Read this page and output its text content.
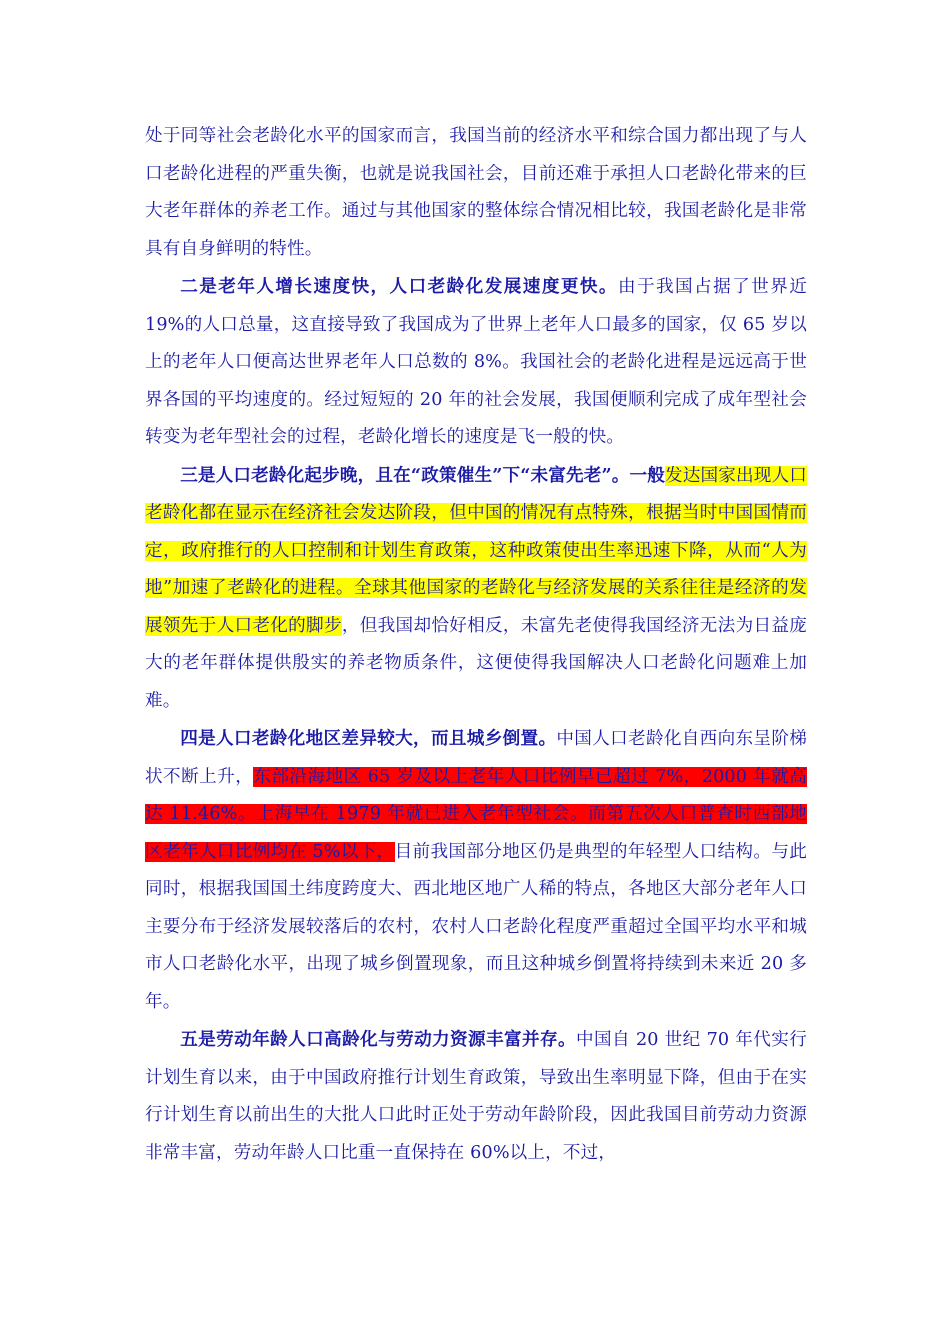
处于同等社会老龄化水平的国家而言，我国当前的经济水平和综合国力都出现了与人口老龄化进程的严重失衡，也就是说我国社会，目前还难于承担人口老龄化带来的巨大老年群体的养老工作。通过与其他国家的整体综合情况相比较，我国老龄化是非常具有自身鲜明的特性。

二是老年人增长速度快，人口老龄化发展速度更快。由于我国占据了世界近 19%的人口总量，这直接导致了我国成为了世界上老年人口最多的国家，仅 65 岁以上的老年人口便高达世界老年人口总数的 8%。我国社会的老龄化进程是远远高于世界各国的平均速度的。经过短短的 20 年的社会发展，我国便顺利完成了成年型社会转变为老年型社会的过程，老龄化增长的速度是飞一般的快。

三是人口老龄化起步晚，且在“政策催生”下“未富先老”。一般发达国家出现人口老龄化都在显示在经济社会发达阶段，但中国的情况有点特殊，根据当时中国国情而定，政府推行的人口控制和计划生育政策，这种政策使出生率迅速下降，从而“人为地”加速了老龄化的进程。全球其他国家的老龄化与经济发展的关系往往是经济的发展领先于人口老化的脚步，但我国却恰好相反，未富先老使得我国经济无法为日益庞大的老年群体提供殷实的养老物质条件，这便使得我国解决人口老龄化问题难上加难。

四是人口老龄化地区差异较大，而且城乡倒置。中国人口老龄化自西向东呈阶梯状不断上升，东部沿海地区 65 岁及以上老年人口比例早已超过 7%，2000 年就高达 11.46%。上海早在 1979 年就已进入老年型社会。而第五次人口普查时西部地区老年人口比例均在 5%以下，目前我国部分地区仍是典型的年轻型人口结构。与此同时，根据我国国土纬度跨度大、西北地区地广人稀的特点，各地区大部分老年人口主要分布于经济发展较落后的农村，农村人口老龄化程度严重超过全国平均水平和城市人口老龄化水平，出现了城乡倒置现象，而且这种城乡倒置将持续到未来近 20 多年。

五是劳动年龄人口高龄化与劳动力资源丰富并存。中国自 20 世纪 70 年代实行计划生育以来，由于中国政府推行计划生育政策，导致出生率明显下降，但由于在实行计划生育以前出生的大批人口此时正处于劳动年龄阶段，因此我国目前劳动力资源非常丰富，劳动年龄人口比重一直保持在 60%以上，不过，
